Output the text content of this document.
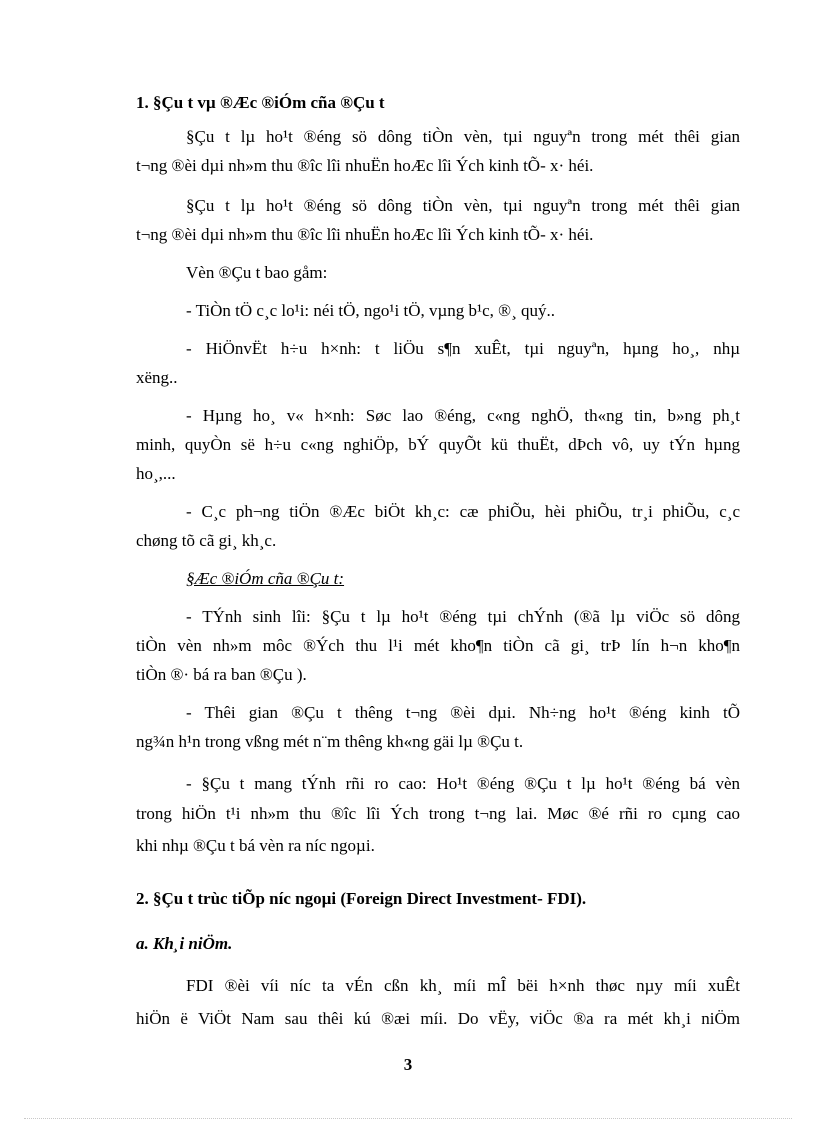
1. §Çu t vµ ®Æc ®iÓm cña ®Çu t
§Çu t lµ ho¹t ®éng sö dông tiÒn vèn, tµi nguyªn trong mét thêi gian
t¬ng ®èi dµi nh»m thu ®îc lîi nhuËn hoÆc lîi Ých kinh tÕ- x· héi.
§Çu t lµ ho¹t ®éng sö dông tiÒn vèn, tµi nguyªn trong mét thêi gian
t¬ng ®èi dµi nh»m thu ®îc lîi nhuËn hoÆc lîi Ých kinh tÕ- x· héi.
Vèn ®Çu t bao gåm:
- TiÒn tÖ c¸c lo¹i: néi tÖ, ngo¹i tÖ, vµng b¹c, ®¸ quý..
- HiÖnvËt h÷u h×nh: t liÖu s¶n xuÊt, tµi nguyªn, hµng ho¸, nhµ
xëng..
- Hµng ho¸ v« h×nh: Søc lao ®éng, c«ng nghÖ, th«ng tin, b»ng ph¸t
minh, quyÒn së h÷u c«ng nghiÖp, bÝ quyÕt kü thuËt, dÞch vô, uy tÝn hµng
ho¸,...
- C¸c ph¬ng tiÖn ®Æc biÖt kh¸c: cæ phiÕu, hèi phiÕu, tr¸i phiÕu, c¸c
chøng tõ cã gi¸ kh¸c.
§Æc ®iÓm cña ®Çu t:
- TÝnh sinh lîi: §Çu t lµ ho¹t ®éng tµi chÝnh (®ã lµ viÖc sö dông
tiÒn vèn nh»m môc ®Ých thu l¹i mét kho¶n tiÒn cã gi¸ trÞ lín h¬n kho¶n
tiÒn ®· bá ra ban ®Çu ).
- Thêi gian ®Çu t thêng t¬ng ®èi dµi. Nh÷ng ho¹t ®éng kinh tÕ
ng¾n h¹n trong vßng mét n¨m thêng kh«ng gäi lµ ®Çu t.
- §Çu t mang tÝnh rñi ro cao: Ho¹t ®éng ®Çu t lµ ho¹t ®éng bá vèn
trong hiÖn t¹i nh»m thu ®îc lîi Ých trong t¬ng lai. Møc ®é rñi ro cµng cao
khi nhµ ®Çu t bá vèn ra níc ngoµi.
2. §Çu t trùc tiÕp níc ngoµi (Foreign Direct Investment- FDI).
a. Kh¸i niÖm.
FDI ®èi víi níc ta vÉn cßn kh¸ míi mÎ bëi h×nh thøc nµy míi xuÊt
hiÖn ë ViÖt Nam sau thêi kú ®æi míi. Do vËy, viÖc ®a ra mét kh¸i niÖm
3
